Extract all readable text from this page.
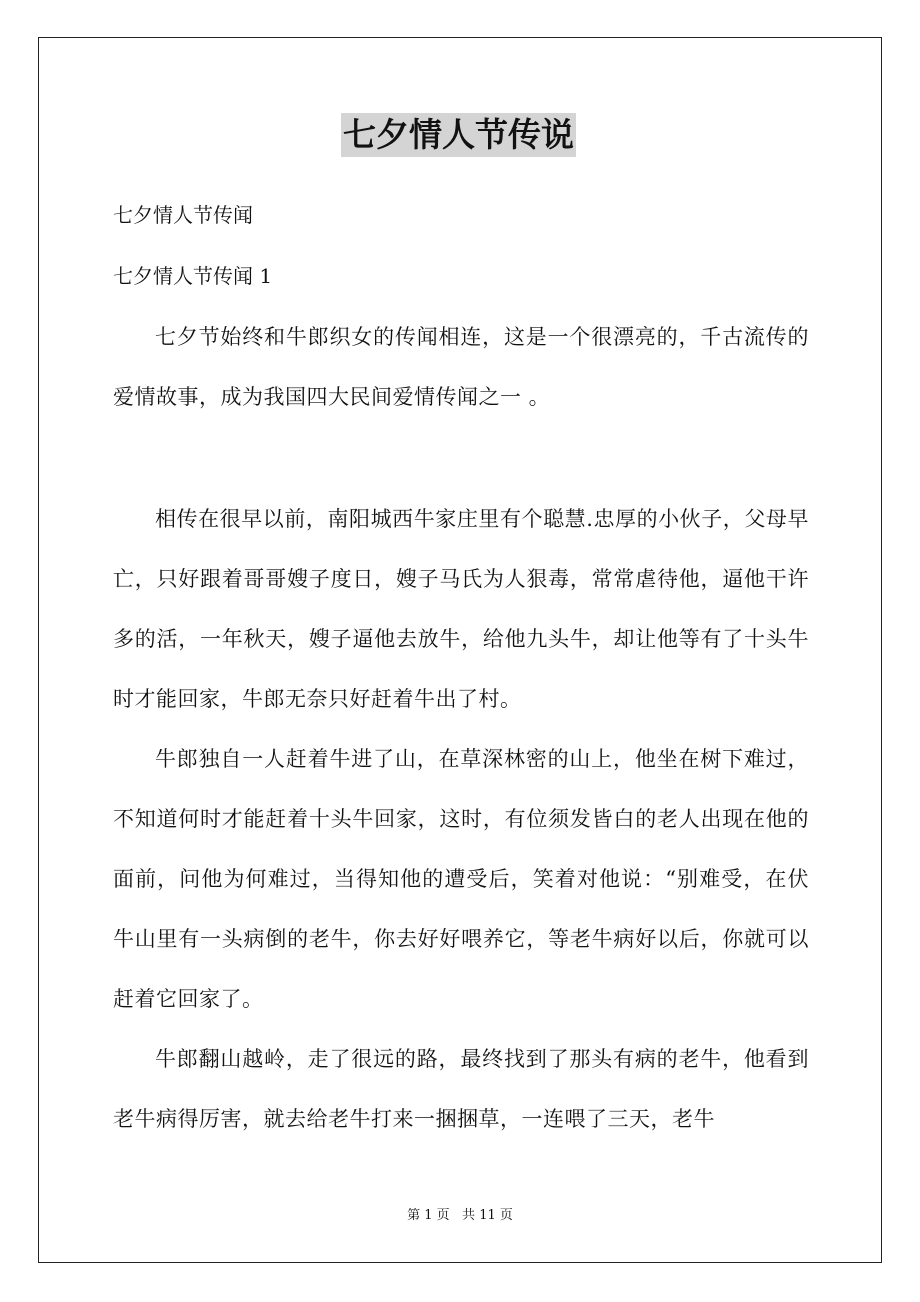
七夕情人节传说
七夕情人节传闻
七夕情人节传闻 1

七夕节始终和牛郎织女的传闻相连，这是一个很漂亮的，千古流传的爱情故事，成为我国四大民间爱情传闻之一 。

相传在很早以前，南阳城西牛家庄里有个聪慧.忠厚的小伙子，父母早亡，只好跟着哥哥嫂子度日，嫂子马氏为人狠毒，常常虐待他，逼他干许多的活，一年秋天，嫂子逼他去放牛，给他九头牛，却让他等有了十头牛时才能回家，牛郎无奈只好赶着牛出了村。

牛郎独自一人赶着牛进了山，在草深林密的山上，他坐在树下难过，不知道何时才能赶着十头牛回家，这时，有位须发皆白的老人出现在他的面前，问他为何难过，当得知他的遭受后，笑着对他说：“别难受，在伏牛山里有一头病倒的老牛，你去好好喂养它，等老牛病好以后，你就可以赶着它回家了。

牛郎翻山越岭，走了很远的路，最终找到了那头有病的老牛，他看到老牛病得厉害，就去给老牛打来一捆捆草，一连喂了三天，老牛

第 1 页   共 11 页
